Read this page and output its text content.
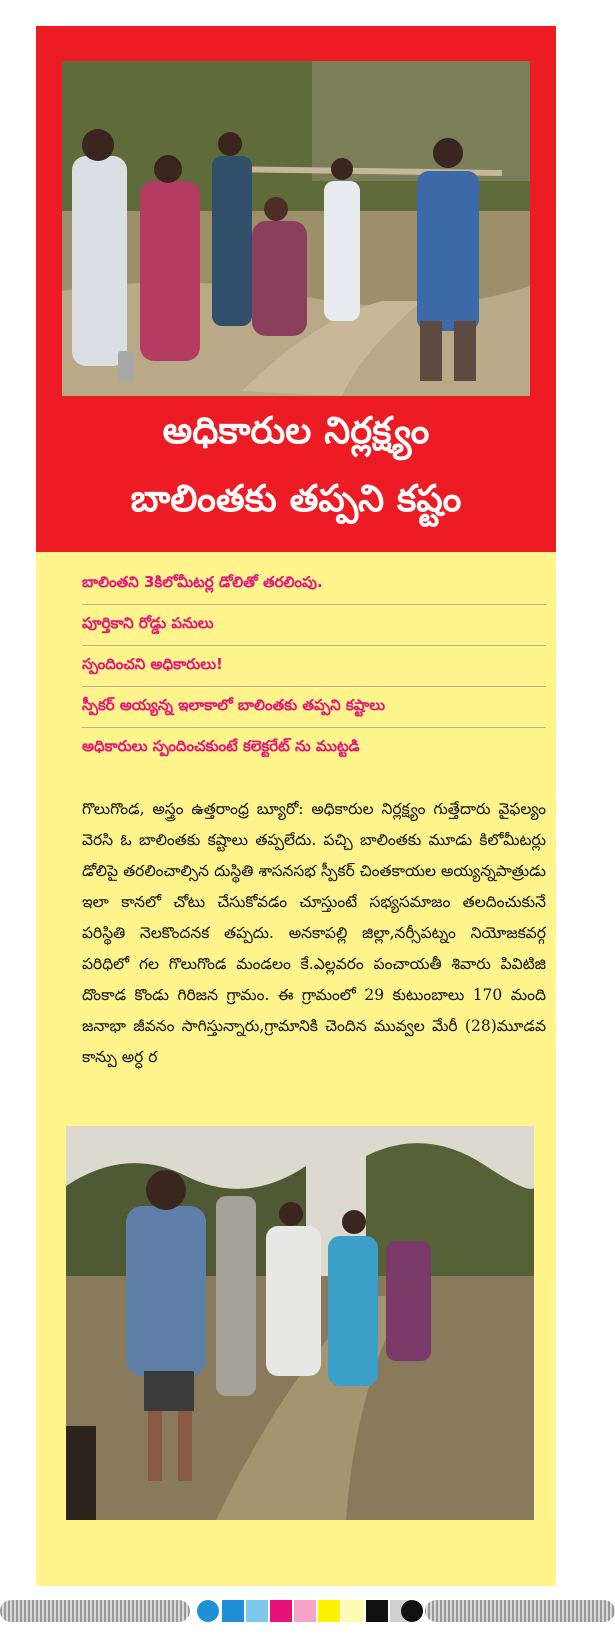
అధికారుల నిర్లక్ష్యం
బాలింతకు తప్పని కష్టం
బాలింతని 3కిలోమీటర్ల డోలితో తరలింపు.
పూర్తికాని రోడ్డు పనులు
స్పందించని అధికారులు!
స్పీకర్ అయ్యన్న ఇలాకాలో బాలింతకు తప్పని కష్టాలు
అధికారులు స్పందించకుంటే కలెక్టరేట్ ను ముట్టడి
గొలుగొండ, అస్త్రం ఉత్తరాంధ్ర బ్యూరో: అధికారుల నిర్లక్ష్యం గుత్తేదారు వైఫల్యం వెరసి ఓ బాలింతకు కష్టాలు తప్పలేదు. పచ్చి బాలింతకు మూడు కిలోమీటర్లు డోలిపై తరలించాల్సిన దుస్థితి శాసనసభ స్పీకర్ చింతకాయల అయ్యన్నపాత్రుడు ఇలా కానలో చోటు చేసుకోవడం చూస్తుంటే సభ్యసమాజం తలదించుకునే పరిస్థితి నెలకొందనక తప్పదు. అనకాపల్లి జిల్లా,నర్సీపట్నం నియోజకవర్గ పరిధిలో గల గొలుగొండ మండలం కే.ఎల్లవరం పంచాయతీ శివారు పివిటిజి దొంకాడ కొండు గిరిజన గ్రామం. ఈ గ్రామంలో 29 కుటుంబాలు 170 మంది జనాభా జీవనం సాగిస్తున్నారు,గ్రామానికి చెందిన మువ్వల మేరీ (28)మూడవ కాన్పు అర్ధ ర
